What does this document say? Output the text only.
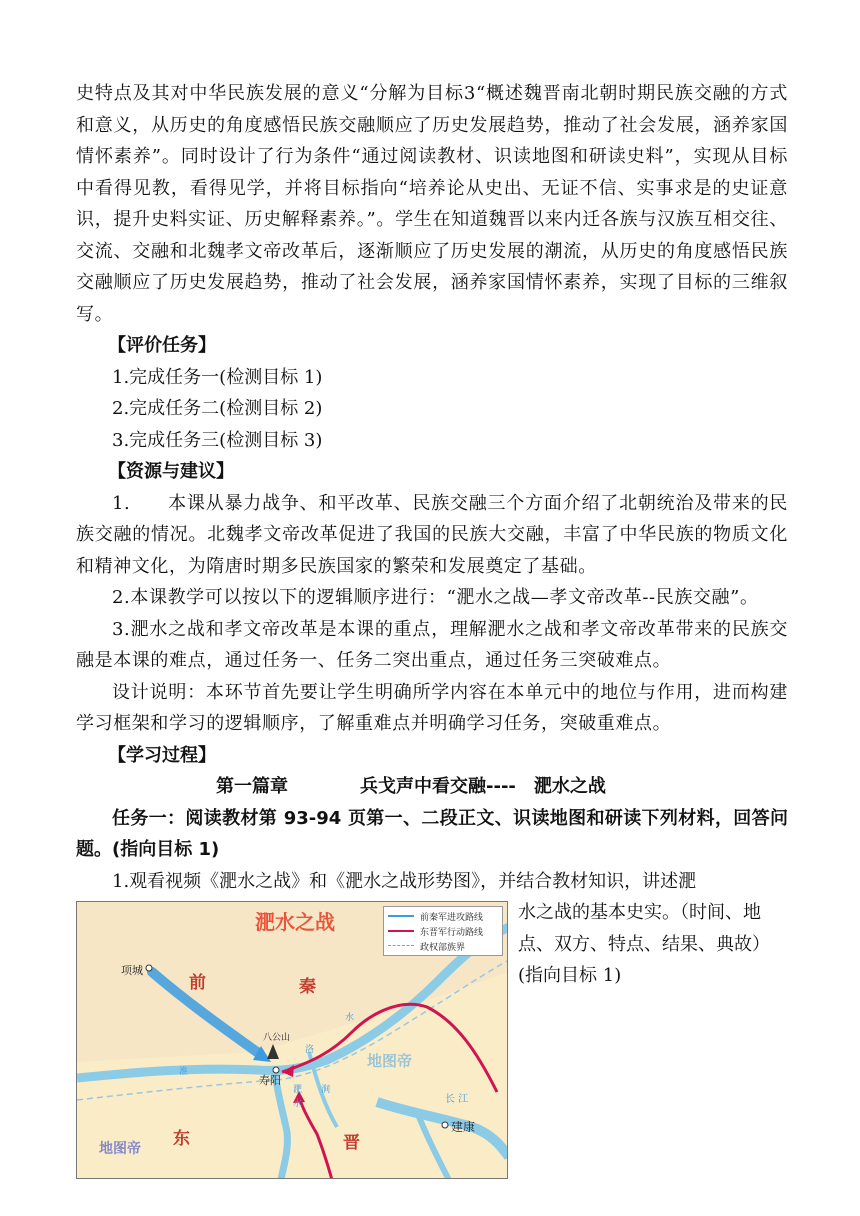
史特点及其对中华民族发展的意义“分解为目标3“概述魏晋南北朝时期民族交融的方式和意义，从历史的角度感悟民族交融顺应了历史发展趋势，推动了社会发展，涵养家国情怀素养”。同时设计了行为条件“通过阅读教材、识读地图和研读史料”，实现从目标中看得见教，看得见学，并将目标指向“培养论从史出、无证不信、实事求是的史证意识，提升史料实证、历史解释素养。”。学生在知道魏晋以来内迁各族与汉族互相交往、交流、交融和北魏孝文帝改革后，逐渐顺应了历史发展的潮流，从历史的角度感悟民族交融顺应了历史发展趋势，推动了社会发展，涵养家国情怀素养，实现了目标的三维叙写。

【评价任务】

1.完成任务一(检测目标 1)

2.完成任务二(检测目标 2)

3.完成任务三(检测目标 3)

【资源与建议】

1.　　本课从暴力战争、和平改革、民族交融三个方面介绍了北朝统治及带来的民族交融的情况。北魏孝文帝改革促进了我国的民族大交融，丰富了中华民族的物质文化和精神文化，为隋唐时期多民族国家的繁荣和发展奠定了基础。

2.本课教学可以按以下的逻辑顺序进行：“淝水之战—孝文帝改革--民族交融”。

3.淝水之战和孝文帝改革是本课的重点，理解淝水之战和孝文帝改革带来的民族交融是本课的难点，通过任务一、任务二突出重点，通过任务三突破难点。

设计说明：本环节首先要让学生明确所学内容在本单元中的地位与作用，进而构建学习框架和学习的逻辑顺序，了解重难点并明确学习任务，突破重难点。

【学习过程】

第一篇章　　　　兵戈声中看交融----　淝水之战

任务一：阅读教材第 93-94 页第一、二段正文、识读地图和研读下列材料，回答问题。(指向目标 1)

1.观看视频《淝水之战》和《淝水之战形势图》，并结合教材知识，讲述淝

淝水之战	前秦军进攻路线
东晋军行动路线
政权部族界
前	秦
项城
八公山
寿阳
地图帝
洛
水
淮
淝
水
涧
长 江
建康
东	晋
地图帝

水之战的基本史实。（时间、地点、双方、特点、结果、典故）(指向目标 1)
